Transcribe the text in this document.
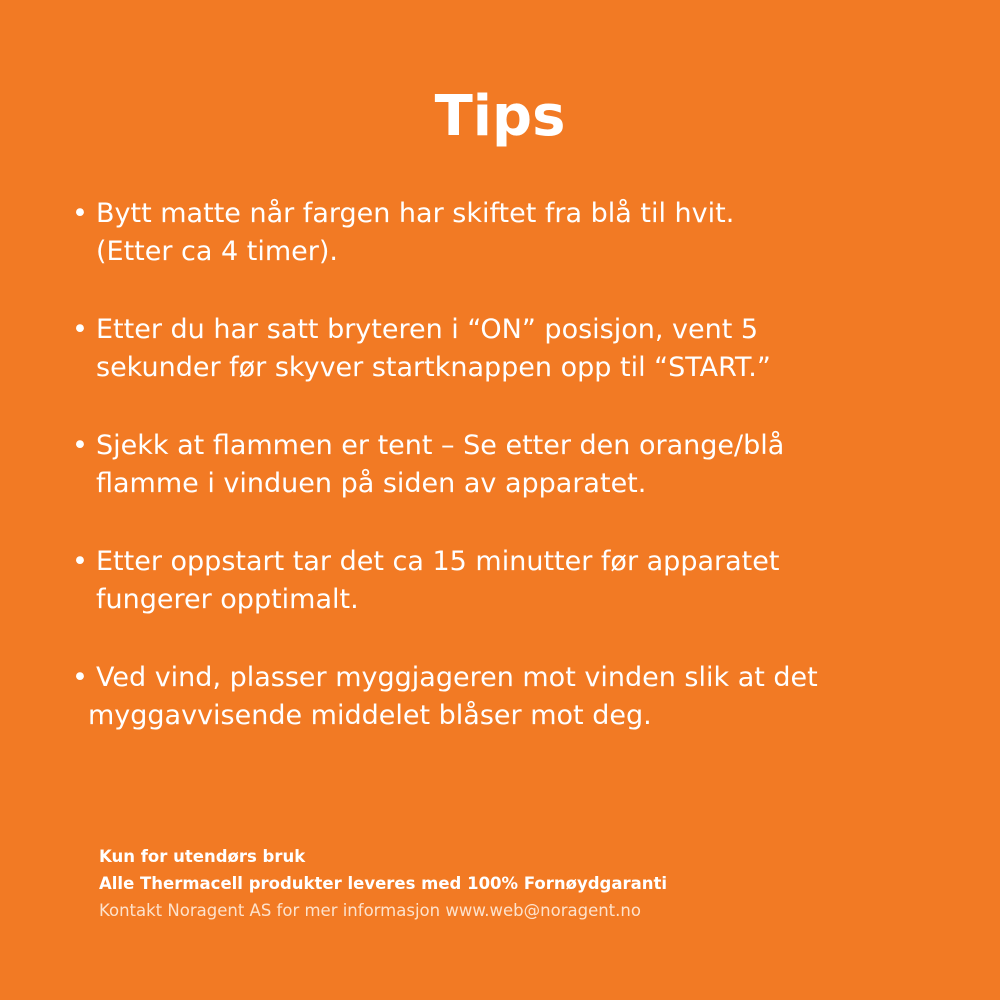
Tips
• Bytt matte når fargen har skiftet fra blå til hvit.
(Etter ca 4 timer).
• Etter du har satt bryteren i “ON” posisjon, vent 5
sekunder før skyver startknappen opp til “START.”
• Sjekk at flammen er tent – Se etter den orange/blå
flamme i vinduen på siden av apparatet.
• Etter oppstart tar det ca 15 minutter før apparatet
fungerer opptimalt.
• Ved vind, plasser myggjageren mot vinden slik at det
myggavvisende middelet blåser mot deg.
Kun for utendørs bruk
Alle Thermacell produkter leveres med 100% Fornøydgaranti
Kontakt Noragent AS for mer informasjon www.web@noragent.no
